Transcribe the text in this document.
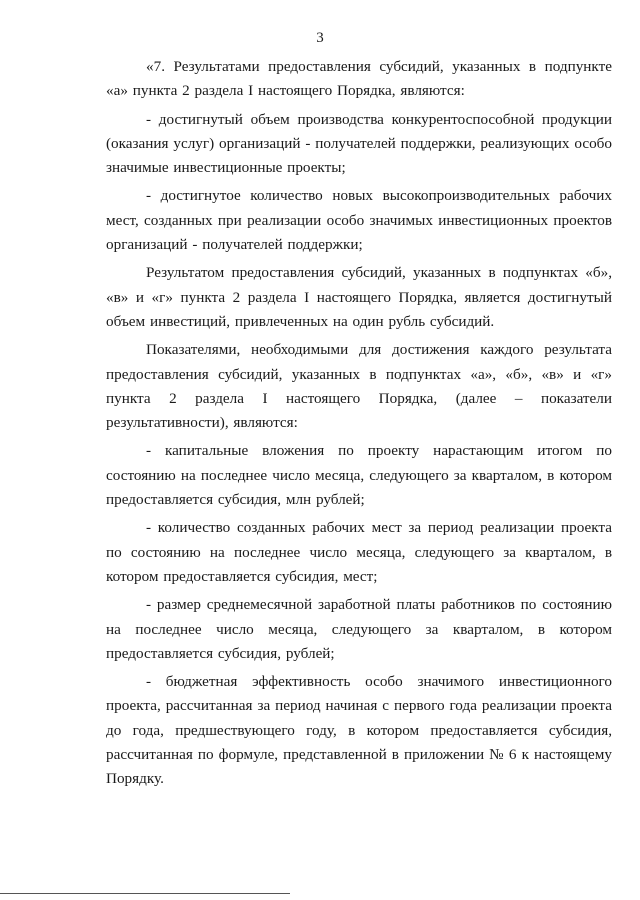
3

«7. Результатами предоставления субсидий, указанных в подпункте «а» пункта 2 раздела I настоящего Порядка, являются:

- достигнутый объем производства конкурентоспособной продукции (оказания услуг) организаций - получателей поддержки, реализующих особо значимые инвестиционные проекты;

- достигнутое количество новых высокопроизводительных рабочих мест, созданных при реализации особо значимых инвестиционных проектов организаций - получателей поддержки;

Результатом предоставления субсидий, указанных в подпунктах «б», «в» и «г» пункта 2 раздела I настоящего Порядка, является достигнутый объем инвестиций, привлеченных на один рубль субсидий.

Показателями, необходимыми для достижения каждого результата предоставления субсидий, указанных в подпунктах «а», «б», «в» и «г» пункта 2 раздела I настоящего Порядка, (далее – показатели результативности), являются:

- капитальные вложения по проекту нарастающим итогом по состоянию на последнее число месяца, следующего за кварталом, в котором предоставляется субсидия, млн рублей;

- количество созданных рабочих мест за период реализации проекта по состоянию на последнее число месяца, следующего за кварталом, в котором предоставляется субсидия, мест;

- размер среднемесячной заработной платы работников по состоянию на последнее число месяца, следующего за кварталом, в котором предоставляется субсидия, рублей;

- бюджетная эффективность особо значимого инвестиционного проекта, рассчитанная за период начиная с первого года реализации проекта до года, предшествующего году, в котором предоставляется субсидия, рассчитанная по формуле, представленной в приложении № 6 к настоящему Порядку.
